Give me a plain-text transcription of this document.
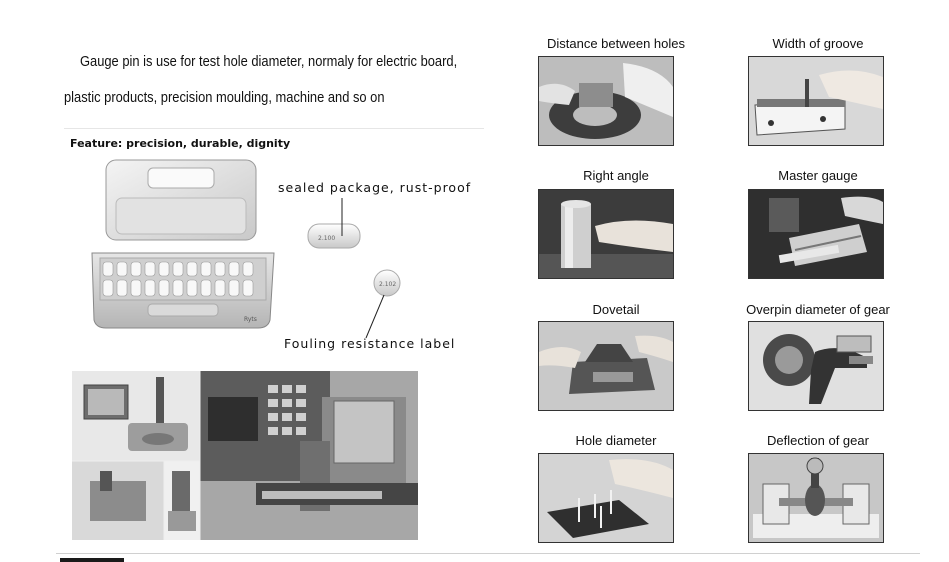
Gauge pin is use for test hole diameter, normaly for electric board,
plastic products, precision moulding, machine and so on
Feature: precision, durable, dignity
Ryts
2.100
2.102
sealed package, rust-proof
Fouling resistance label
Distance between holes	Width of groove
Right angle	Master gauge
Dovetail	Overpin diameter of gear
Hole diameter	Deflection of gear
